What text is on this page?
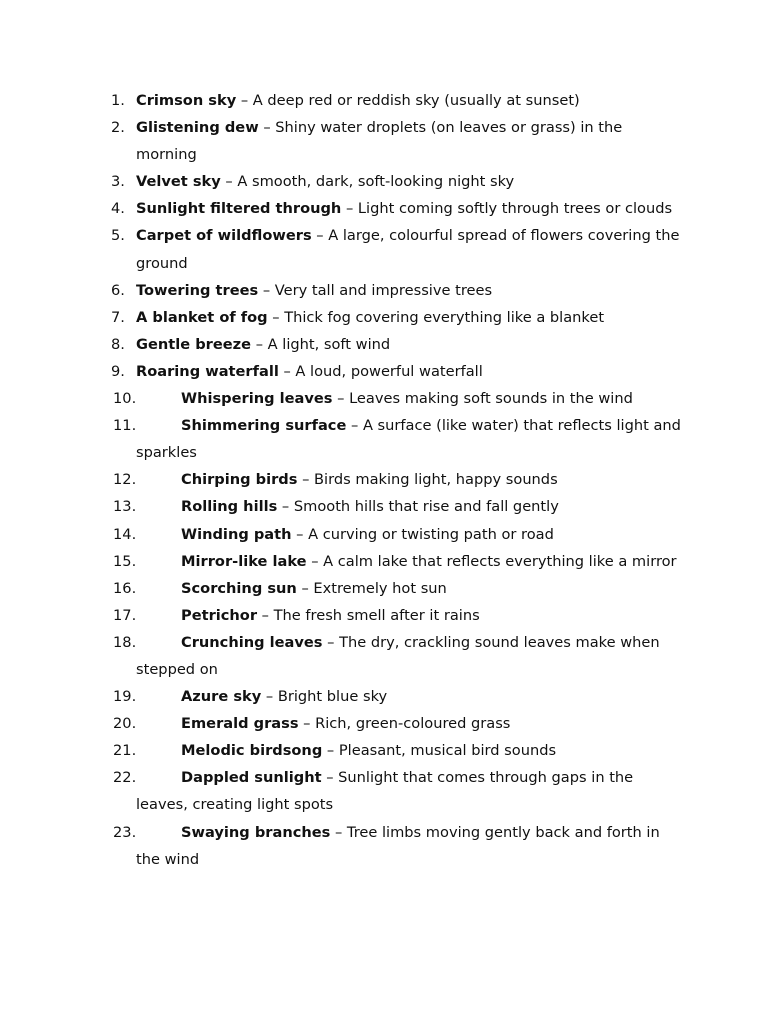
1. Crimson sky – A deep red or reddish sky (usually at sunset)
2. Glistening dew – Shiny water droplets (on leaves or grass) in the morning
3. Velvet sky – A smooth, dark, soft-looking night sky
4. Sunlight filtered through – Light coming softly through trees or clouds
5. Carpet of wildflowers – A large, colourful spread of flowers covering the ground
6. Towering trees – Very tall and impressive trees
7. A blanket of fog – Thick fog covering everything like a blanket
8. Gentle breeze – A light, soft wind
9. Roaring waterfall – A loud, powerful waterfall
10.	Whispering leaves – Leaves making soft sounds in the wind
11.	Shimmering surface – A surface (like water) that reflects light and sparkles
12.	Chirping birds – Birds making light, happy sounds
13.	Rolling hills – Smooth hills that rise and fall gently
14.	Winding path – A curving or twisting path or road
15.	Mirror-like lake – A calm lake that reflects everything like a mirror
16.	Scorching sun – Extremely hot sun
17.	Petrichor – The fresh smell after it rains
18.	Crunching leaves – The dry, crackling sound leaves make when stepped on
19.	Azure sky – Bright blue sky
20.	Emerald grass – Rich, green-coloured grass
21.	Melodic birdsong – Pleasant, musical bird sounds
22.	Dappled sunlight – Sunlight that comes through gaps in the leaves, creating light spots
23.	Swaying branches – Tree limbs moving gently back and forth in the wind
